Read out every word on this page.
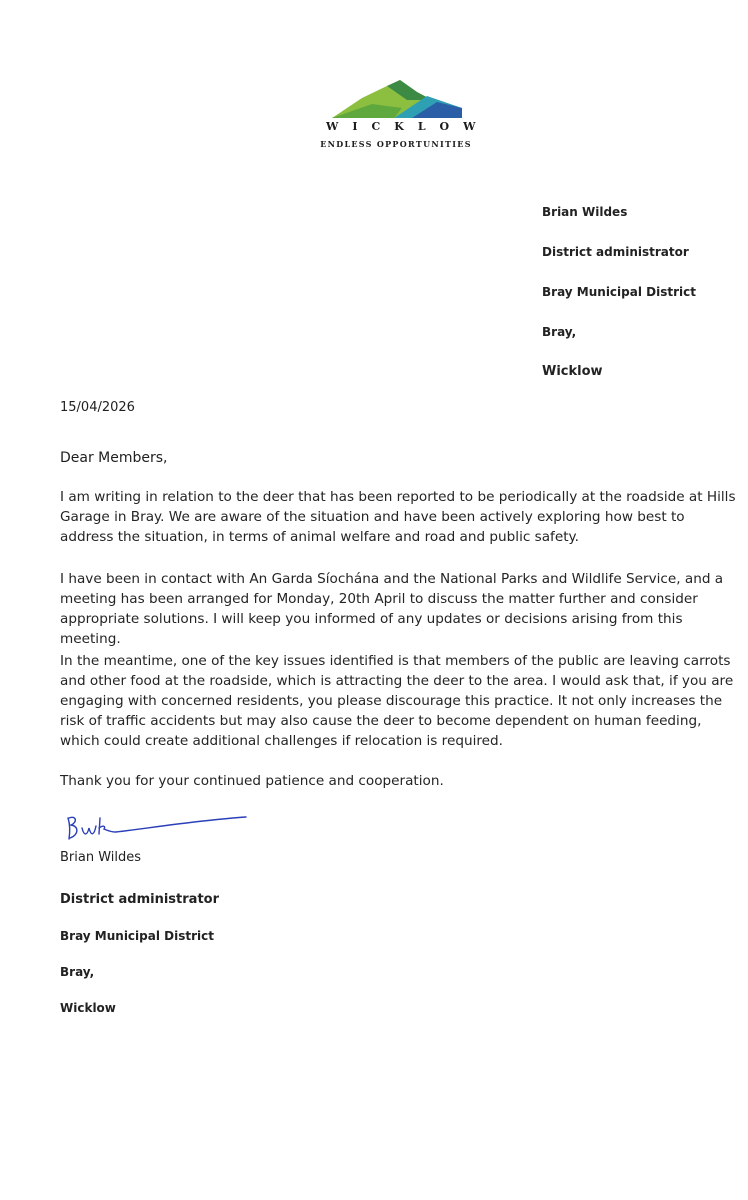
WICKLOW
ENDLESS OPPORTUNITIES
Brian Wildes
District administrator
Bray Municipal District
Bray,
Wicklow
15/04/2026
Dear Members,
I am writing in relation to the deer that has been reported to be periodically at the roadside at Hills Garage in Bray. We are aware of the situation and have been actively exploring how best to address the situation, in terms of animal welfare and road and public safety.
I have been in contact with An Garda Síochána and the National Parks and Wildlife Service, and a meeting has been arranged for Monday, 20th April to discuss the matter further and consider appropriate solutions. I will keep you informed of any updates or decisions arising from this meeting.
In the meantime, one of the key issues identified is that members of the public are leaving carrots and other food at the roadside, which is attracting the deer to the area. I would ask that, if you are engaging with concerned residents, you please discourage this practice. It not only increases the risk of traffic accidents but may also cause the deer to become dependent on human feeding, which could create additional challenges if relocation is required.
Thank you for your continued patience and cooperation.
Brian Wildes
District administrator
Bray Municipal District
Bray,
Wicklow
